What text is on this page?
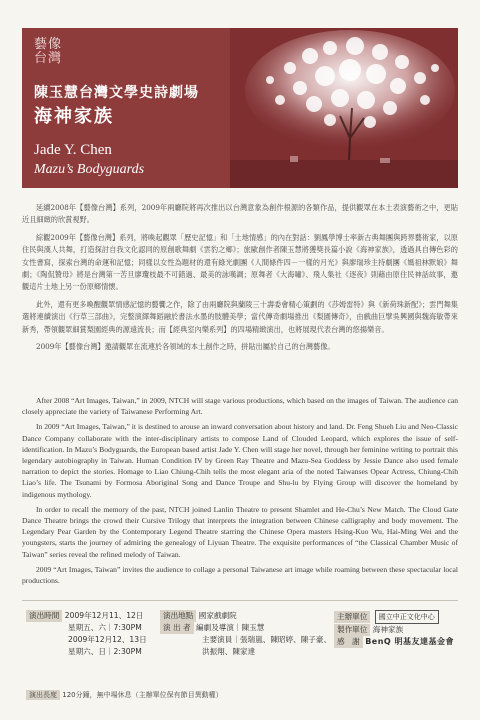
藝像
台灣
陳玉慧台灣文學史詩劇場
海神家族
Jade Y. Chen
Mazu’s Bodyguards

延續2008年【藝像台灣】系列，2009年兩廳院將再次推出以台灣意象為創作根源的各類作品，提供觀眾在本土表演藝術之中，更貼近且細緻的欣賞視野。

綜觀2009年【藝像台灣】系列，將喚起觀眾「歷史記憶」和「土地情感」的內在對話：劉鳳學博士率新古典舞團與跨界藝術家，以原住民與漢人共舞，打造探討自我文化認同的原創歌舞劇《雲豹之鄉》；旅歐創作者陳玉慧將獲獎長篇小說《海神家族》，透過具自傳色彩的女性書寫，探索台灣的命運和記憶；同樣以女性為題材的還有綠光劇團《人間條件四－一樣的月光》與廖瑞珍主持劇團《媽祖林默娘》舞劇；《陶侃贊母》將是台灣第一苦旦廖瓊枝最不可錯過、最美的詠嘆調；原舞者《大海嘯》、飛人集社《逐夜》則藉由原住民神話故事，邀觀這片土地上另一份原鄉情懷。

此外，還有更多喚醒觀眾情感記憶的藝饗之作，除了由兩廳院與蘭陵三十壽委會精心策劃的《莎姆雷特》與《新荷珠新配》；雲門舞集選將連續演出《行草三部曲》，完整演繹舞蹈融於書法水墨的肢體美學；當代傳奇劇場推出《梨園傳奇》，由戲曲巨擘吳興國與魏海敏帶來新秀，帶領觀眾細賞梨園經典的源遠流長；而【經典室內樂系列】的四場精緻演出，也將展現代表台灣的悠揚樂音。

2009年【藝像台灣】邀請觀眾在流連於各領域的本土創作之時，拼貼出屬於自己的台灣藝像。

After 2008 “Art Images, Taiwan,” in 2009, NTCH will stage various productions, which based on the images of Taiwan. The audience can closely appreciate the variety of Taiwanese Performing Art.

In 2009 “Art Images, Taiwan,” it is destined to arouse an inward conversation about history and land. Dr. Feng Shueh Liu and Neo-Classic Dance Company collaborate with the inter-disciplinary artists to compose Land of Clouded Leopard, which explores the issue of self-identification. In Mazu’s Bodyguards, the European based artist Jade Y. Chen will stage her novel, through her feminine writing to portrait this legendary autobiography in Taiwan. Human Condition IV by Green Ray Theatre and Mazu-Sea Goddess by Jessie Dance also used female narration to depict the stories. Homage to Liao Chiung-Chih tells the most elegant aria of the noted Taiwanses Opear Actress, Chiung-Chih Liao’s life. The Tsunami by Formosa Aboriginal Song and Dance Troupe and Shu-lu by Flying Group will discover the homeland by indigenous mythology.

In order to recall the memory of the past, NTCH joined Lanlin Theatre to present Shamlet and He-Chu’s New Match. The Cloud Gate Dance Theatre brings the crowd their Cursive Trilogy that interprets the integration between Chinese calligraphy and body movement. The Legendary Pear Garden by the Contemporary Legend Theatre starring the Chinese Opera masters Hsing-Kuo Wu, Hai-Ming Wei and the youngsters, starts the journey of admiring the genealogy of Liyuan Theatre. The exquisite performances of “the Classical Chamber Music of Taiwan” series reveal the refined melody of Taiwan.

2009 “Art Images, Taiwan” invites the audience to collage a personal Taiwanese art image while roaming between these spectacular local productions.

演出時間 2009年12月11、12日
星期五、六｜7:30PM
2009年12月12、13日
星期六、日｜2:30PM
演出地點 國家戲劇院
演 出 者 編劇及導演｜陳玉慧
主要演員｜張瑞嵐、陳昭婷、陳子豪、
洪振翔、陳家達
主辦單位 國立中正文化中心
製作單位 海神家族
感　謝 BenQ 明基友達基金會
演出長度 120分鐘，無中場休息（主辦單位保有節目異動權）
